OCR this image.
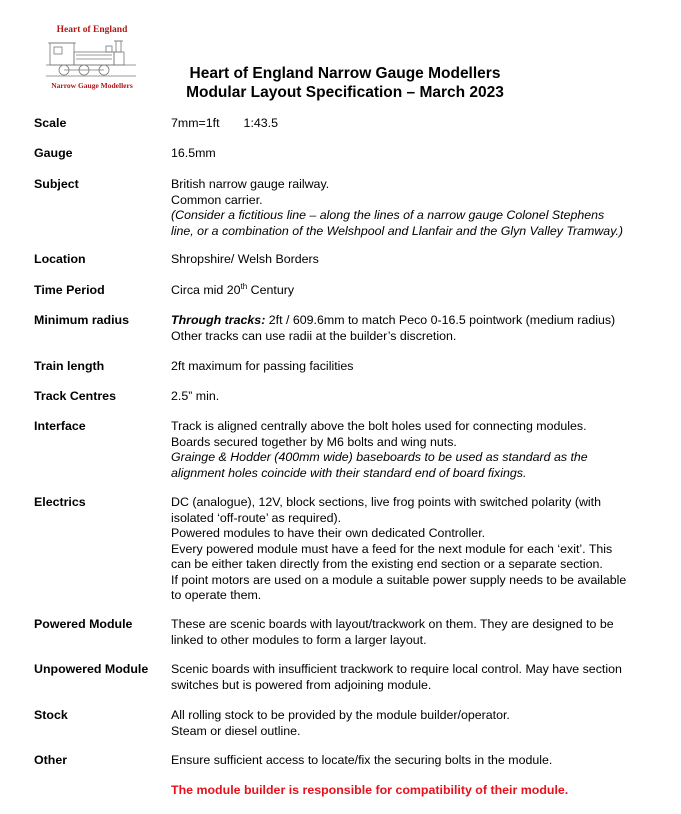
Heart of England
Narrow Gauge Modellers
Heart of England Narrow Gauge Modellers
Modular Layout Specification – March 2023
Scale	7mm=1ft 1:43.5
Gauge	16.5mm
Subject	British narrow gauge railway.
Common carrier.
(Consider a fictitious line – along the lines of a narrow gauge Colonel Stephens
line, or a combination of the Welshpool and Llanfair and the Glyn Valley Tramway.)
Location	Shropshire/ Welsh Borders
Time Period	Circa mid 20th Century
Minimum radius	Through tracks: 2ft / 609.6mm to match Peco 0-16.5 pointwork (medium radius)
Other tracks can use radii at the builder’s discretion.
Train length	2ft maximum for passing facilities
Track Centres	2.5” min.
Interface	Track is aligned centrally above the bolt holes used for connecting modules.
Boards secured together by M6 bolts and wing nuts.
Grainge & Hodder (400mm wide) baseboards to be used as standard as the
alignment holes coincide with their standard end of board fixings.
Electrics	DC (analogue), 12V, block sections, live frog points with switched polarity (with
isolated ‘off-route’ as required).
Powered modules to have their own dedicated Controller.
Every powered module must have a feed for the next module for each ‘exit’. This
can be either taken directly from the existing end section or a separate section.
If point motors are used on a module a suitable power supply needs to be available
to operate them.
Powered Module	These are scenic boards with layout/trackwork on them. They are designed to be
linked to other modules to form a larger layout.
Unpowered Module	Scenic boards with insufficient trackwork to require local control. May have section
switches but is powered from adjoining module.
Stock	All rolling stock to be provided by the module builder/operator.
Steam or diesel outline.
Other	Ensure sufficient access to locate/fix the securing bolts in the module.
The module builder is responsible for compatibility of their module.
